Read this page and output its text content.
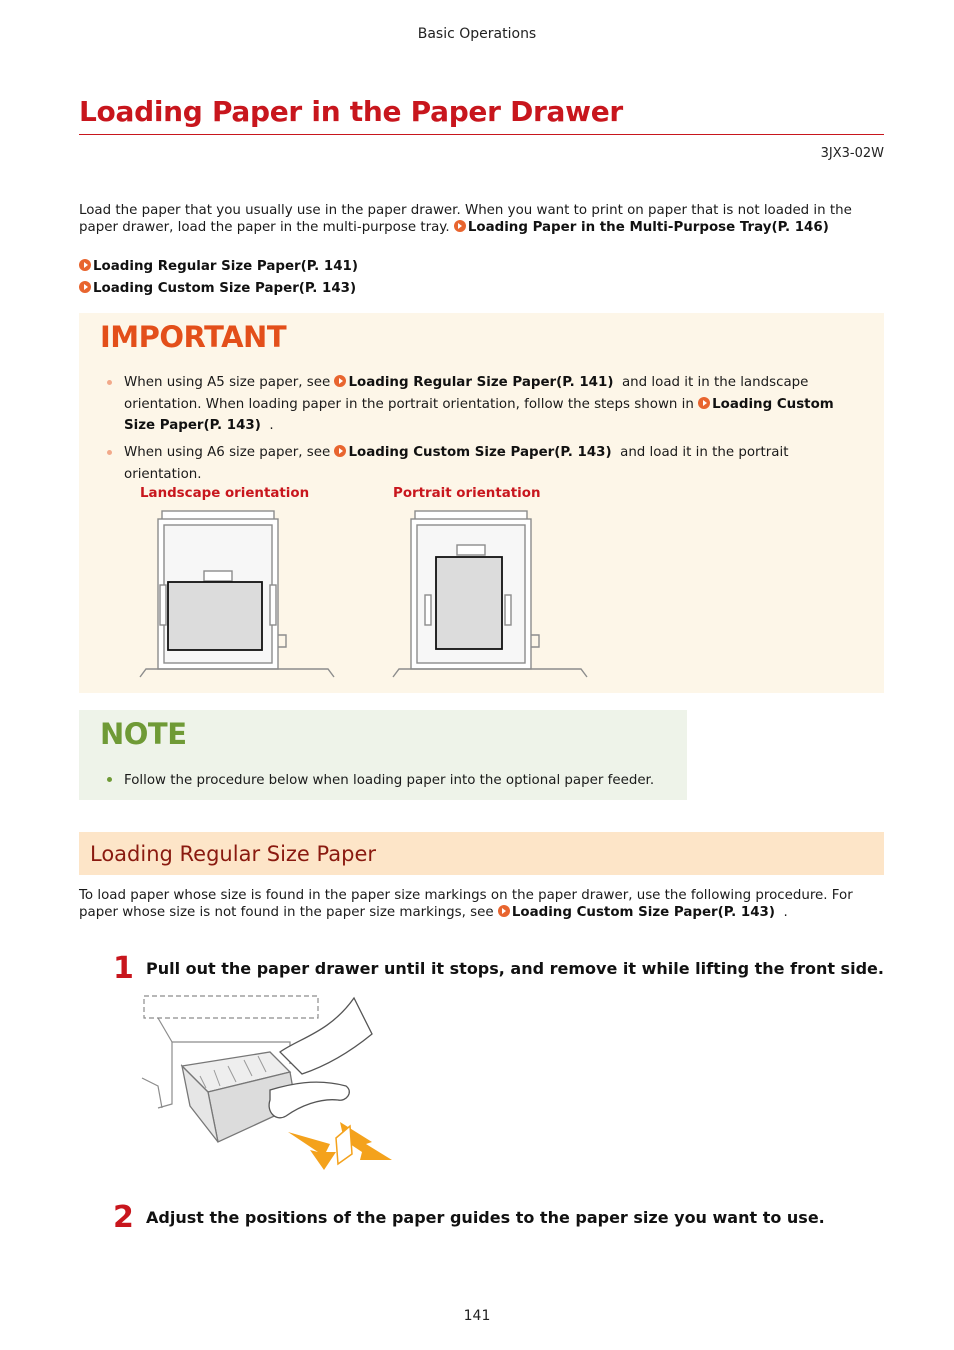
Basic Operations
Loading Paper in the Paper Drawer
3JX3-02W
Load the paper that you usually use in the paper drawer. When you want to print on paper that is not loaded in the
paper drawer, load the paper in the multi-purpose tray. Loading Paper in the Multi-Purpose Tray(P. 146)
Loading Regular Size Paper(P. 141)
Loading Custom Size Paper(P. 143)
IMPORTANT
When using A5 size paper, see Loading Regular Size Paper(P. 141) and load it in the landscape
orientation. When loading paper in the portrait orientation, follow the steps shown in Loading Custom
Size Paper(P. 143) .
When using A6 size paper, see Loading Custom Size Paper(P. 143) and load it in the portrait orientation.
Landscape orientation	Portrait orientation
NOTE
Follow the procedure below when loading paper into the optional paper feeder.
Loading Regular Size Paper
To load paper whose size is found in the paper size markings on the paper drawer, use the following procedure. For
paper whose size is not found in the paper size markings, see Loading Custom Size Paper(P. 143) .
1 Pull out the paper drawer until it stops, and remove it while lifting the front side.
2 Adjust the positions of the paper guides to the paper size you want to use.
141
